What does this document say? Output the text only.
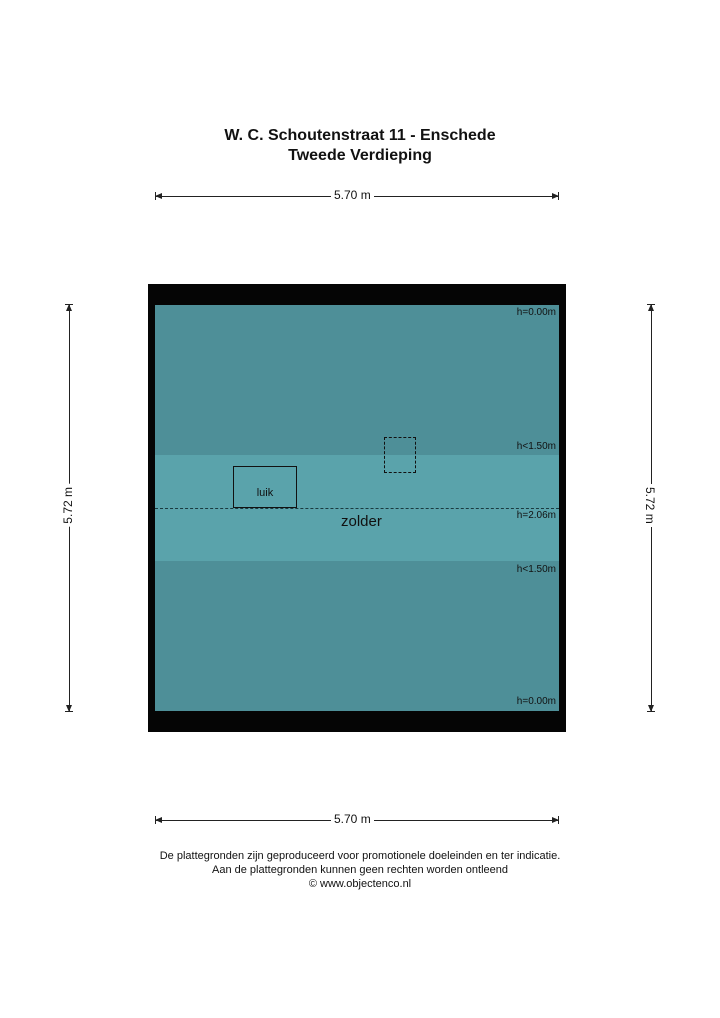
W. C. Schoutenstraat 11 - Enschede
Tweede Verdieping
5.70 m
5.70 m
5.72 m	5.72 m
h=0.00m
h<1.50m
h=2.06m
h<1.50m
h=0.00m
luik
zolder
De plattegronden zijn geproduceerd voor promotionele doeleinden en ter indicatie.
Aan de plattegronden kunnen geen rechten worden ontleend
© www.objectenco.nl
